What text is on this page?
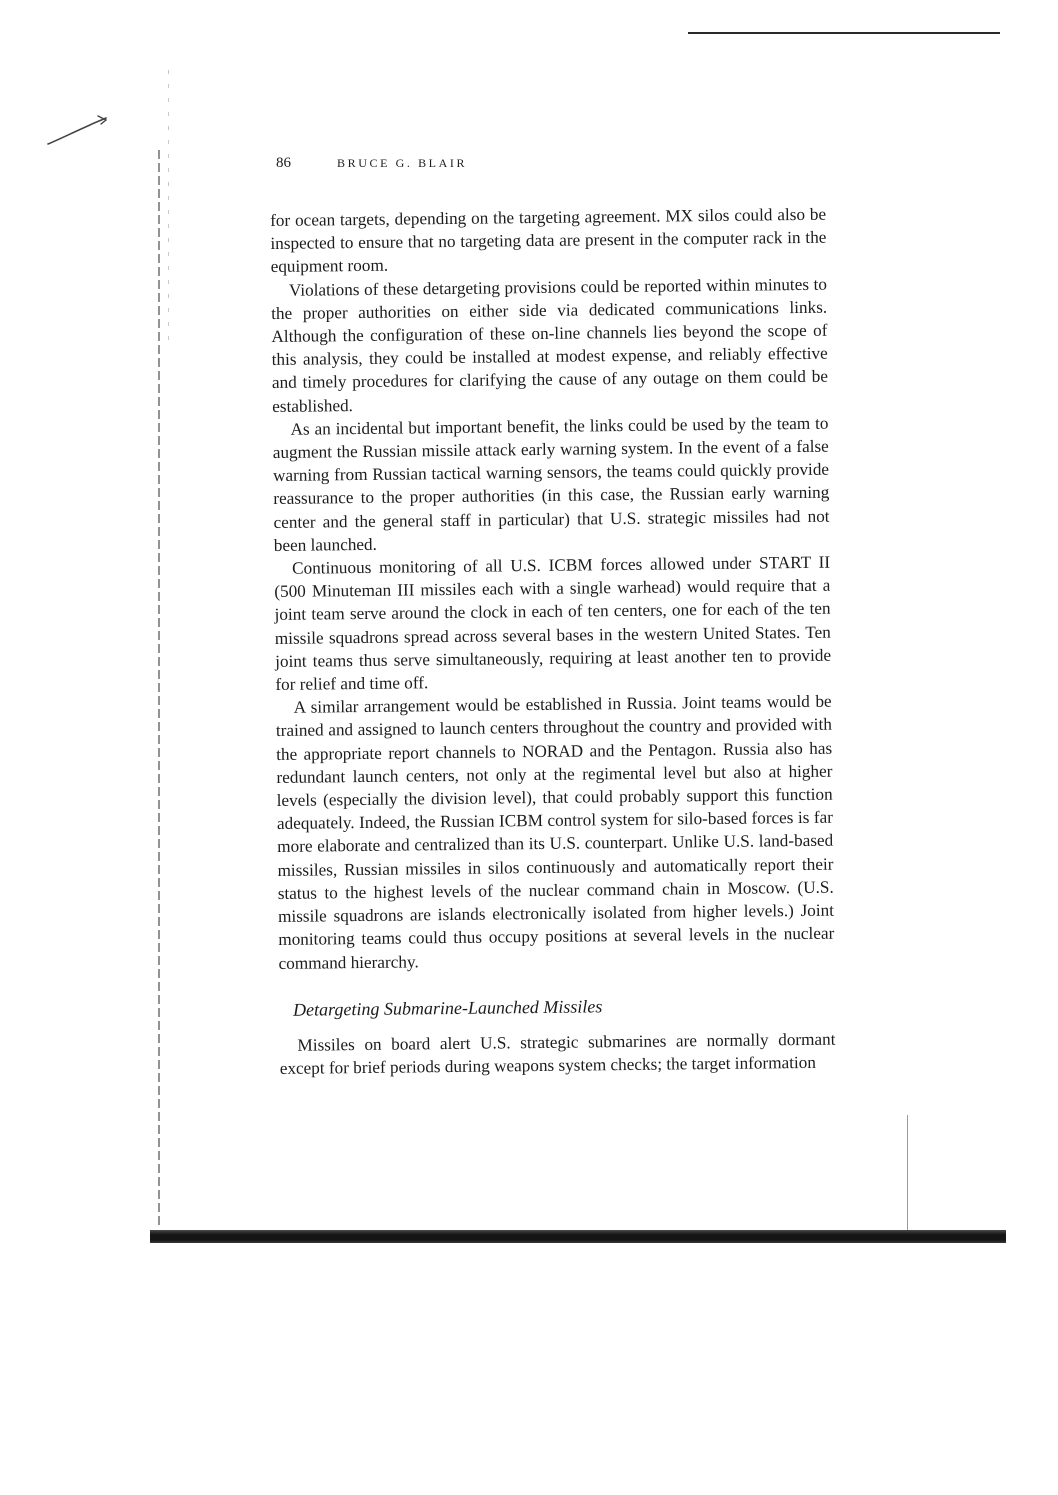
86	BRUCE G. BLAIR

for ocean targets, depending on the targeting agreement. MX silos could also be inspected to ensure that no targeting data are present in the computer rack in the equipment room.

Violations of these detargeting provisions could be reported within minutes to the proper authorities on either side via dedicated communications links. Although the configuration of these on-line channels lies beyond the scope of this analysis, they could be installed at modest expense, and reliably effective and timely procedures for clarifying the cause of any outage on them could be established.

As an incidental but important benefit, the links could be used by the team to augment the Russian missile attack early warning system. In the event of a false warning from Russian tactical warning sensors, the teams could quickly provide reassurance to the proper authorities (in this case, the Russian early warning center and the general staff in particular) that U.S. strategic missiles had not been launched.

Continuous monitoring of all U.S. ICBM forces allowed under START II (500 Minuteman III missiles each with a single warhead) would require that a joint team serve around the clock in each of ten centers, one for each of the ten missile squadrons spread across several bases in the western United States. Ten joint teams thus serve simultaneously, requiring at least another ten to provide for relief and time off.

A similar arrangement would be established in Russia. Joint teams would be trained and assigned to launch centers throughout the country and provided with the appropriate report channels to NORAD and the Pentagon. Russia also has redundant launch centers, not only at the regimental level but also at higher levels (especially the division level), that could probably support this function adequately. Indeed, the Russian ICBM control system for silo-based forces is far more elaborate and centralized than its U.S. counterpart. Unlike U.S. land-based missiles, Russian missiles in silos continuously and automatically report their status to the highest levels of the nuclear command chain in Moscow. (U.S. missile squadrons are islands electronically isolated from higher levels.) Joint monitoring teams could thus occupy positions at several levels in the nuclear command hierarchy.

Detargeting Submarine-Launched Missiles

Missiles on board alert U.S. strategic submarines are normally dormant except for brief periods during weapons system checks; the target information
